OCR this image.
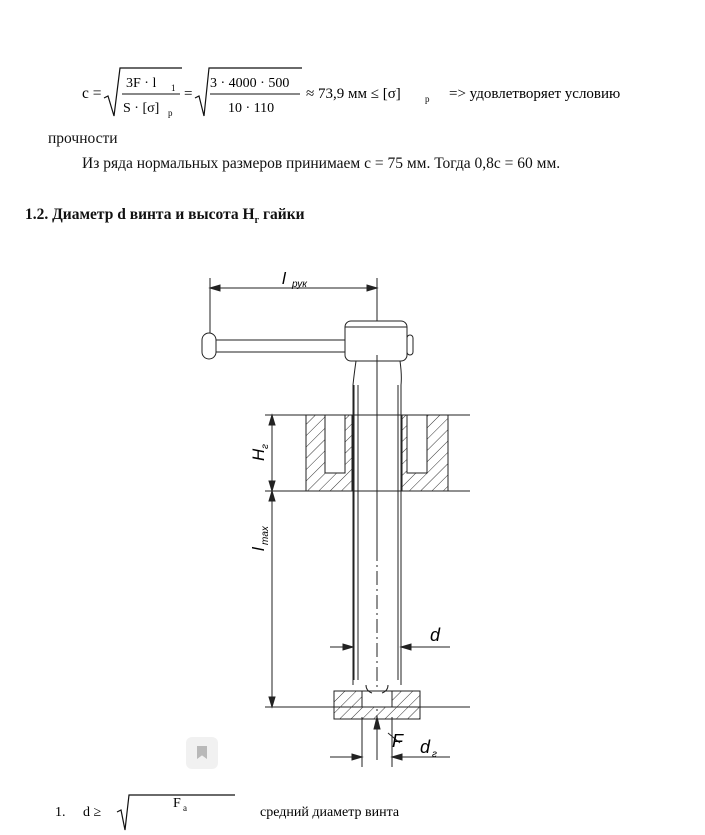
c =
3F · l 1
S · [σ] р
=
3 · 4000 · 500
10 · 110
≈ 73,9 мм ≤ [σ]	р => удовлетворяет условию
прочности
Из ряда нормальных размеров принимаем c = 75 мм. Тогда 0,8c = 60 мм.
1.2. Диаметр d винта и высота $H_г$ гайки
l рук
H
г
l
max
d
F d г
1. d ≥
F a	средний диаметр винта
